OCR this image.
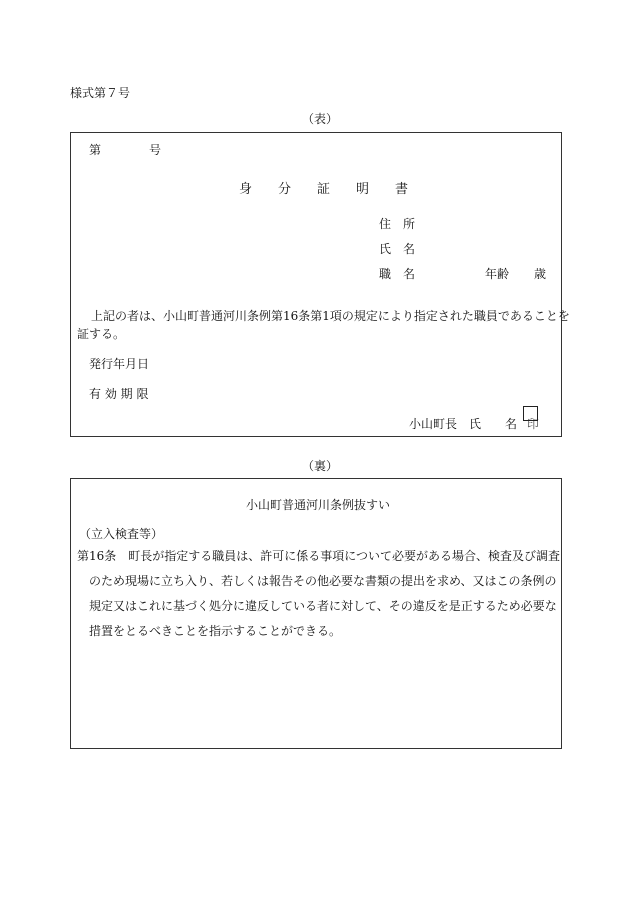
様式第７号
（表）
第	号
身　　分　　証　　明　　書
住　所
氏　名
職　名	年齢 歳
上記の者は、小山町普通河川条例第16条第1項の規定により指定された職員であることを
証する。
発行年月日
有 効 期 限
小山町長　氏 名 印
（裏）
小山町普通河川条例抜すい
（立入検査等）
第16条　町長が指定する職員は、許可に係る事項について必要がある場合、検査及び調査
のため現場に立ち入り、若しくは報告その他必要な書類の提出を求め、又はこの条例の
規定又はこれに基づく処分に違反している者に対して、その違反を是正するため必要な
措置をとるべきことを指示することができる。
